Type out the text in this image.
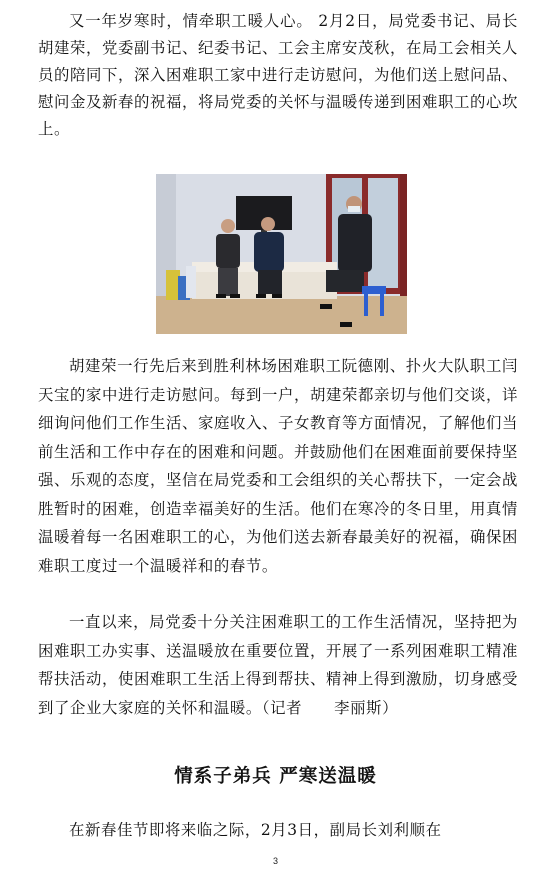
又一年岁寒时，情牵职工暖人心。 2月2日，局党委书记、局长胡建荣，党委副书记、纪委书记、工会主席安茂秋，在局工会相关人员的陪同下，深入困难职工家中进行走访慰问，为他们送上慰问品、慰问金及新春的祝福，将局党委的关怀与温暖传递到困难职工的心坎上。

胡建荣一行先后来到胜利林场困难职工阮德刚、扑火大队职工闫天宝的家中进行走访慰问。每到一户，胡建荣都亲切与他们交谈，详细询问他们工作生活、家庭收入、子女教育等方面情况，了解他们当前生活和工作中存在的困难和问题。并鼓励他们在困难面前要保持坚强、乐观的态度，坚信在局党委和工会组织的关心帮扶下，一定会战胜暂时的困难，创造幸福美好的生活。他们在寒冷的冬日里，用真情温暖着每一名困难职工的心，为他们送去新春最美好的祝福，确保困难职工度过一个温暖祥和的春节。

一直以来，局党委十分关注困难职工的工作生活情况，坚持把为困难职工办实事、送温暖放在重要位置，开展了一系列困难职工精准帮扶活动，使困难职工生活上得到帮扶、精神上得到激励，切身感受到了企业大家庭的关怀和温暖。（记者　　李丽斯）

情系子弟兵 严寒送温暖

在新春佳节即将来临之际，2月3日，副局长刘利顺在

3
